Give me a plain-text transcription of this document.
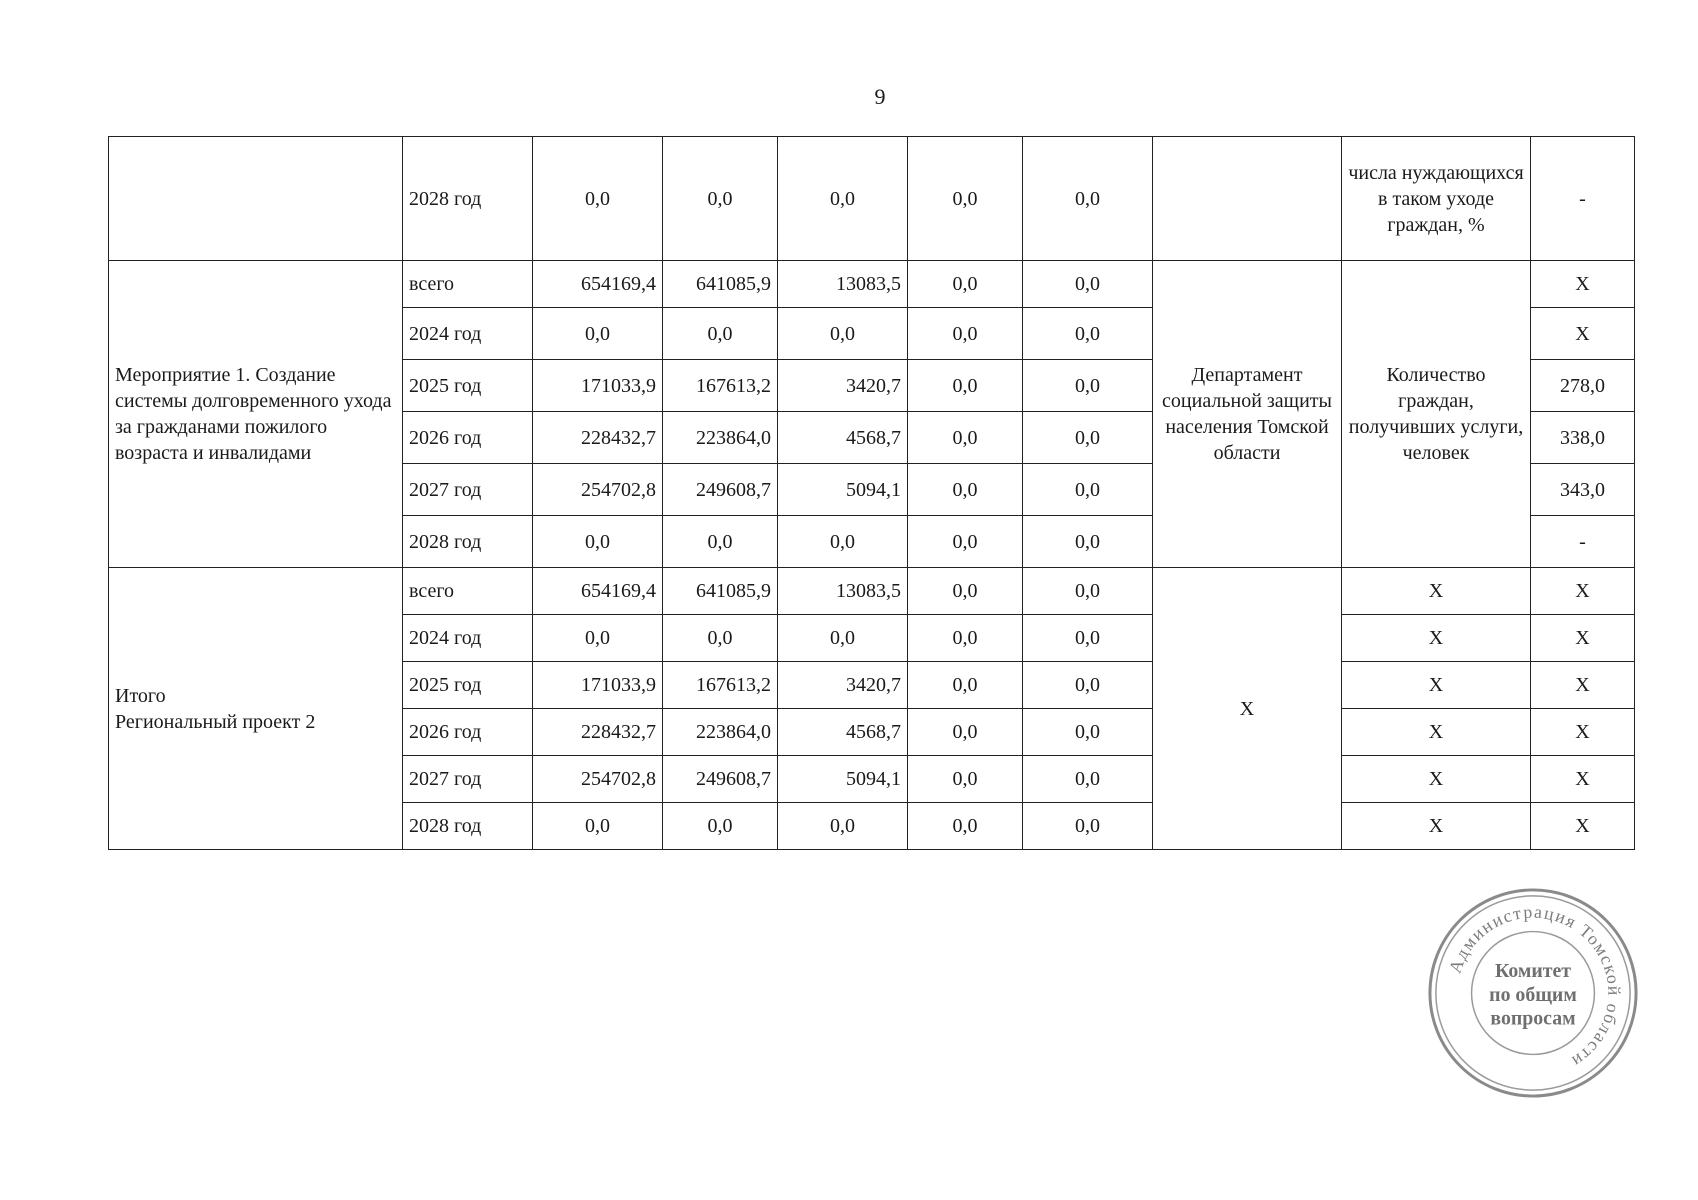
9
	2028 год	0,0	0,0	0,0	0,0	0,0		числа нуждающихся в таком уходе граждан, %	-
Мероприятие 1. Создание системы долговременного ухода за гражданами пожилого возраста и инвалидами	всего	654169,4	641085,9	13083,5	0,0	0,0	Департамент социальной защиты населения Томской области	Количество граждан, получивших услуги, человек	X
	2024 год	0,0	0,0	0,0	0,0	0,0			X
	2025 год	171033,9	167613,2	3420,7	0,0	0,0			278,0
	2026 год	228432,7	223864,0	4568,7	0,0	0,0			338,0
	2027 год	254702,8	249608,7	5094,1	0,0	0,0			343,0
	2028 год	0,0	0,0	0,0	0,0	0,0			-

Итого
Региональный проект 2	всего	654169,4	641085,9	13083,5	0,0	0,0	X	X	X
	2024 год	0,0	0,0	0,0	0,0	0,0		X	X
	2025 год	171033,9	167613,2	3420,7	0,0	0,0		X	X
	2026 год	228432,7	223864,0	4568,7	0,0	0,0		X	X
	2027 год	254702,8	249608,7	5094,1	0,0	0,0		X	X
	2028 год	0,0	0,0	0,0	0,0	0,0		X	X
Администрация Томской области
Комитет
по общим
вопросам
